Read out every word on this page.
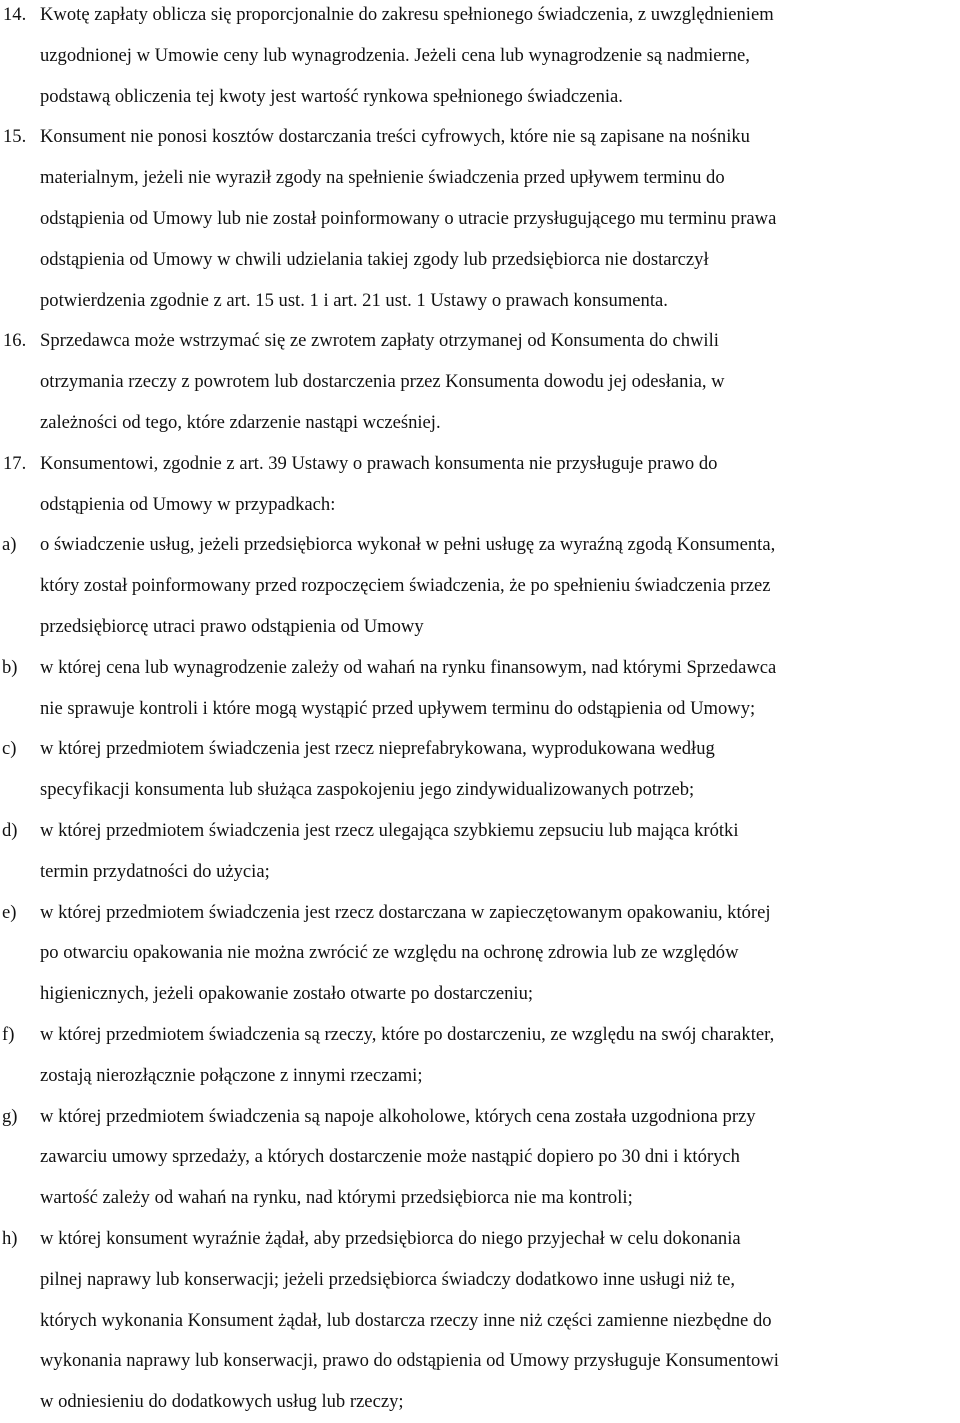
14. Kwotę zapłaty oblicza się proporcjonalnie do zakresu spełnionego świadczenia, z uwzględnieniem
uzgodnionej w Umowie ceny lub wynagrodzenia. Jeżeli cena lub wynagrodzenie są nadmierne,
podstawą obliczenia tej kwoty jest wartość rynkowa spełnionego świadczenia.
15. Konsument nie ponosi kosztów dostarczania treści cyfrowych, które nie są zapisane na nośniku
materialnym, jeżeli nie wyraził zgody na spełnienie świadczenia przed upływem terminu do
odstąpienia od Umowy lub nie został poinformowany o utracie przysługującego mu terminu prawa
odstąpienia od Umowy w chwili udzielania takiej zgody lub przedsiębiorca nie dostarczył
potwierdzenia zgodnie z art. 15 ust. 1 i art. 21 ust. 1 Ustawy o prawach konsumenta.
16. Sprzedawca może wstrzymać się ze zwrotem zapłaty otrzymanej od Konsumenta do chwili
otrzymania rzeczy z powrotem lub dostarczenia przez Konsumenta dowodu jej odesłania, w
zależności od tego, które zdarzenie nastąpi wcześniej.
17. Konsumentowi, zgodnie z art. 39 Ustawy o prawach konsumenta nie przysługuje prawo do
odstąpienia od Umowy w przypadkach:
a) o świadczenie usług, jeżeli przedsiębiorca wykonał w pełni usługę za wyraźną zgodą Konsumenta,
który został poinformowany przed rozpoczęciem świadczenia, że po spełnieniu świadczenia przez
przedsiębiorcę utraci prawo odstąpienia od Umowy
b) w której cena lub wynagrodzenie zależy od wahań na rynku finansowym, nad którymi Sprzedawca
nie sprawuje kontroli i które mogą wystąpić przed upływem terminu do odstąpienia od Umowy;
c) w której przedmiotem świadczenia jest rzecz nieprefabrykowana, wyprodukowana według
specyfikacji konsumenta lub służąca zaspokojeniu jego zindywidualizowanych potrzeb;
d) w której przedmiotem świadczenia jest rzecz ulegająca szybkiemu zepsuciu lub mająca krótki
termin przydatności do użycia;
e) w której przedmiotem świadczenia jest rzecz dostarczana w zapieczętowanym opakowaniu, której
po otwarciu opakowania nie można zwrócić ze względu na ochronę zdrowia lub ze względów
higienicznych, jeżeli opakowanie zostało otwarte po dostarczeniu;
f) w której przedmiotem świadczenia są rzeczy, które po dostarczeniu, ze względu na swój charakter,
zostają nierozłącznie połączone z innymi rzeczami;
g) w której przedmiotem świadczenia są napoje alkoholowe, których cena została uzgodniona przy
zawarciu umowy sprzedaży, a których dostarczenie może nastąpić dopiero po 30 dni i których
wartość zależy od wahań na rynku, nad którymi przedsiębiorca nie ma kontroli;
h) w której konsument wyraźnie żądał, aby przedsiębiorca do niego przyjechał w celu dokonania
pilnej naprawy lub konserwacji; jeżeli przedsiębiorca świadczy dodatkowo inne usługi niż te,
których wykonania Konsument żądał, lub dostarcza rzeczy inne niż części zamienne niezbędne do
wykonania naprawy lub konserwacji, prawo do odstąpienia od Umowy przysługuje Konsumentowi
w odniesieniu do dodatkowych usług lub rzeczy;
